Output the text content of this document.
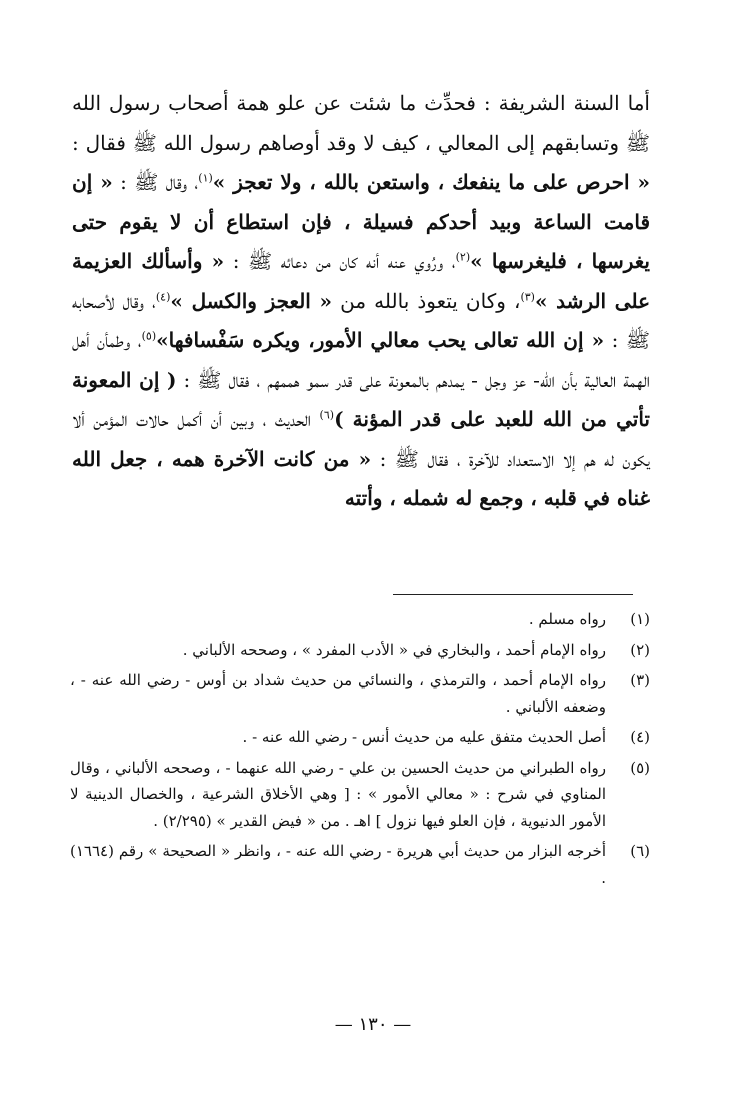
أما السنة الشريفة : فحدِّث ما شئت عن علو همة أصحاب رسول الله ﷺ وتسابقهم إلى المعالي ، كيف لا وقد أوصاهم رسول الله ﷺ فقال : « احرص على ما ينفعك ، واستعن بالله ، ولا تعجز »$^{(١)}$، وقال ﷺ : « إن قامت الساعة وبيد أحدكم فسيلة ، فإن استطاع أن لا يقوم حتى يغرسها ، فليغرسها »$^{(٢)}$، ورُوي عنه أنه كان من دعائه ﷺ : « وأسألك العزيمة على الرشد »$^{(٣)}$، وكان يتعوذ بالله من « العجز والكسل »$^{(٤)}$، وقال لأصحابه ﷺ : « إن الله تعالى يحب معالي الأمور، ويكره سَفْسافها»$^{(٥)}$، وطمأن أهل الهمة العالية بأن الله- عز وجل - يمدهم بالمعونة على قدر سمو هممهم ، فقال ﷺ : ( إن المعونة تأتي من الله للعبد على قدر المؤنة )$^{(٦)}$ الحديث ، وبين أن أكمل حالات المؤمن ألا يكون له هم إلا الاستعداد للآخرة ، فقال ﷺ : « من كانت الآخرة همه ، جعل الله غناه في قلبه ، وجمع له شمله ، وأتته
(١)
رواه مسلم .
(٢)
رواه الإمام أحمد ، والبخاري في « الأدب المفرد » ، وصححه الألباني .
(٣)
رواه الإمام أحمد ، والترمذي ، والنسائي من حديث شداد بن أوس - رضي الله عنه - ، وضعفه الألباني .
(٤)
أصل الحديث متفق عليه من حديث أنس - رضي الله عنه - .
(٥)
رواه الطبراني من حديث الحسين بن علي - رضي الله عنهما - ، وصححه الألباني ، وقال المناوي في شرح : « معالي الأمور » : [ وهي الأخلاق الشرعية ، والخصال الدينية لا الأمور الدنيوية ، فإن العلو فيها نزول ] اهـ . من « فيض القدير » (٢/٢٩٥) .
(٦)
أخرجه البزار من حديث أبي هريرة - رضي الله عنه - ، وانظر « الصحيحة » رقم (١٦٦٤) .
— ١٣٠ —
